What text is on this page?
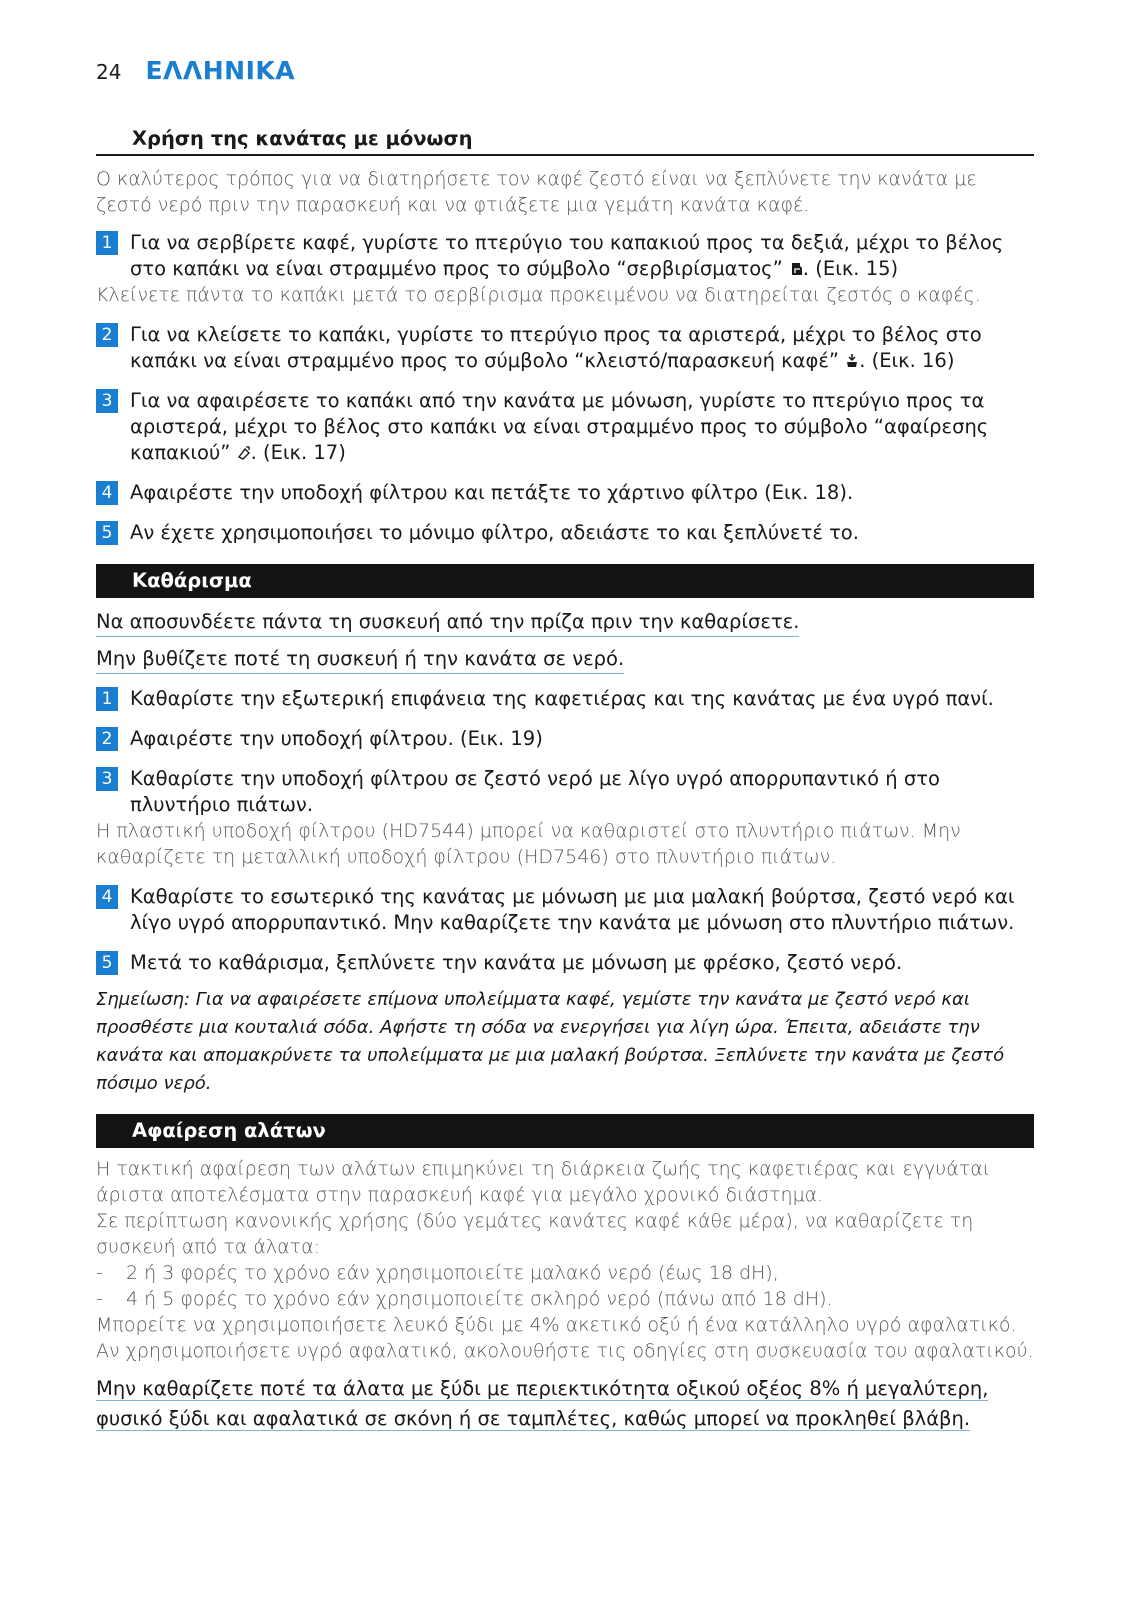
24 ΕΛΛΗΝΙΚΑ
Χρήση της κανάτας με μόνωση
Ο καλύτερος τρόπος για να διατηρήσετε τον καφέ ζεστό είναι να ξεπλύνετε την κανάτα με ζεστό νερό πριν την παρασκευή και να φτιάξετε μια γεμάτη κανάτα καφέ.
1 Για να σερβίρετε καφέ, γυρίστε το πτερύγιο του καπακιού προς τα δεξιά, μέχρι το βέλος στο καπάκι να είναι στραμμένο προς το σύμβολο “σερβιρίσματος” . (Εικ. 15)
Κλείνετε πάντα το καπάκι μετά το σερβίρισμα προκειμένου να διατηρείται ζεστός ο καφές.
2 Για να κλείσετε το καπάκι, γυρίστε το πτερύγιο προς τα αριστερά, μέχρι το βέλος στο καπάκι να είναι στραμμένο προς το σύμβολο “κλειστό/παρασκευή καφέ” . (Εικ. 16)
3 Για να αφαιρέσετε το καπάκι από την κανάτα με μόνωση, γυρίστε το πτερύγιο προς τα αριστερά, μέχρι το βέλος στο καπάκι να είναι στραμμένο προς το σύμβολο “αφαίρεσης καπακιού” . (Εικ. 17)
4 Αφαιρέστε την υποδοχή φίλτρου και πετάξτε το χάρτινο φίλτρο (Εικ. 18).
5 Αν έχετε χρησιμοποιήσει το μόνιμο φίλτρο, αδειάστε το και ξεπλύνετέ το.
Καθάρισμα
Να αποσυνδέετε πάντα τη συσκευή από την πρίζα πριν την καθαρίσετε.
Μην βυθίζετε ποτέ τη συσκευή ή την κανάτα σε νερό.
1 Καθαρίστε την εξωτερική επιφάνεια της καφετιέρας και της κανάτας με ένα υγρό πανί.
2 Αφαιρέστε την υποδοχή φίλτρου. (Εικ. 19)
3 Καθαρίστε την υποδοχή φίλτρου σε ζεστό νερό με λίγο υγρό απορρυπαντικό ή στο πλυντήριο πιάτων.
Η πλαστική υποδοχή φίλτρου (HD7544) μπορεί να καθαριστεί στο πλυντήριο πιάτων. Μην καθαρίζετε τη μεταλλική υποδοχή φίλτρου (HD7546) στο πλυντήριο πιάτων.
4 Καθαρίστε το εσωτερικό της κανάτας με μόνωση με μια μαλακή βούρτσα, ζεστό νερό και λίγο υγρό απορρυπαντικό. Μην καθαρίζετε την κανάτα με μόνωση στο πλυντήριο πιάτων.
5 Μετά το καθάρισμα, ξεπλύνετε την κανάτα με μόνωση με φρέσκο, ζεστό νερό.
Σημείωση: Για να αφαιρέσετε επίμονα υπολείμματα καφέ, γεμίστε την κανάτα με ζεστό νερό και προσθέστε μια κουταλιά σόδα. Αφήστε τη σόδα να ενεργήσει για λίγη ώρα. Έπειτα, αδειάστε την κανάτα και απομακρύνετε τα υπολείμματα με μια μαλακή βούρτσα. Ξεπλύνετε την κανάτα με ζεστό πόσιμο νερό.
Αφαίρεση αλάτων
Η τακτική αφαίρεση των αλάτων επιμηκύνει τη διάρκεια ζωής της καφετιέρας και εγγυάται άριστα αποτελέσματα στην παρασκευή καφέ για μεγάλο χρονικό διάστημα.
Σε περίπτωση κανονικής χρήσης (δύο γεμάτες κανάτες καφέ κάθε μέρα), να καθαρίζετε τη συσκευή από τα άλατα:
-	2 ή 3 φορές το χρόνο εάν χρησιμοποιείτε μαλακό νερό (έως 18 dH),
-	4 ή 5 φορές το χρόνο εάν χρησιμοποιείτε σκληρό νερό (πάνω από 18 dH).
Μπορείτε να χρησιμοποιήσετε λευκό ξύδι με 4% ακετικό οξύ ή ένα κατάλληλο υγρό αφαλατικό. Αν χρησιμοποιήσετε υγρό αφαλατικό, ακολουθήστε τις οδηγίες στη συσκευασία του αφαλατικού.
Μην καθαρίζετε ποτέ τα άλατα με ξύδι με περιεκτικότητα οξικού οξέος 8% ή μεγαλύτερη, φυσικό ξύδι και αφαλατικά σε σκόνη ή σε ταμπλέτες, καθώς μπορεί να προκληθεί βλάβη.
